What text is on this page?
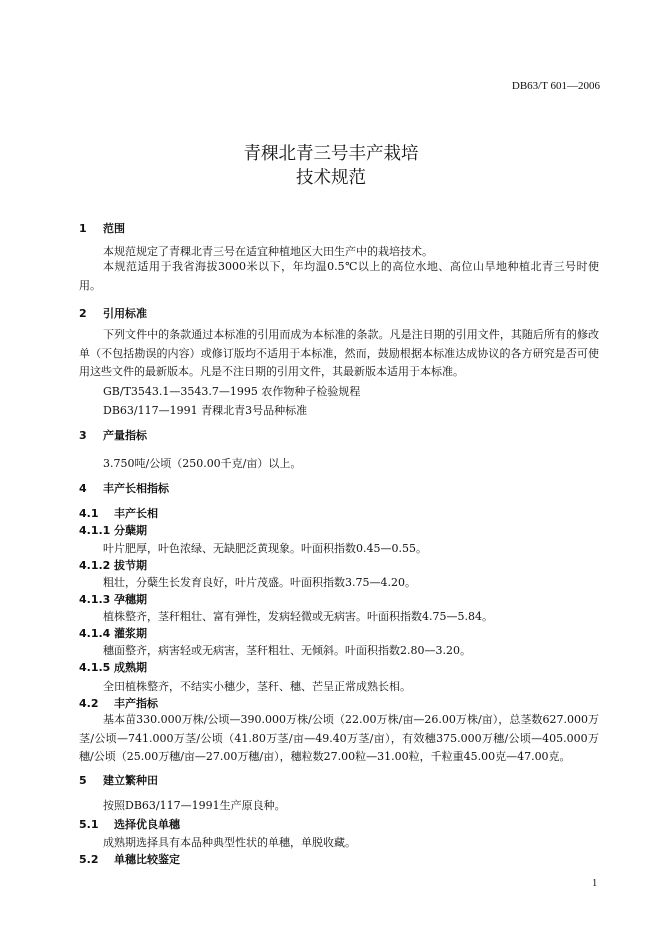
DB63/T 601—2006
青稞北青三号丰产栽培
技术规范
1 范围
本规范规定了青稞北青三号在适宜种植地区大田生产中的栽培技术。
本规范适用于我省海拔3000米以下，年均温0.5℃以上的高位水地、高位山旱地种植北青三号时使用。
2 引用标准
下列文件中的条款通过本标准的引用而成为本标准的条款。凡是注日期的引用文件，其随后所有的修改单（不包括勘误的内容）或修订版均不适用于本标准，然而，鼓励根据本标准达成协议的各方研究是否可使用这些文件的最新版本。凡是不注日期的引用文件，其最新版本适用于本标准。
GB/T3543.1—3543.7—1995 农作物种子检验规程
DB63/117—1991 青稞北青3号品种标准
3 产量指标
3.750吨/公顷（250.00千克/亩）以上。
4 丰产长相指标
4.1 丰产长相
4.1.1 分蘖期
叶片肥厚，叶色浓绿、无缺肥泛黄现象。叶面积指数0.45—0.55。
4.1.2 拔节期
粗壮，分蘖生长发育良好，叶片茂盛。叶面积指数3.75—4.20。
4.1.3 孕穗期
植株整齐，茎秆粗壮、富有弹性，发病轻微或无病害。叶面积指数4.75—5.84。
4.1.4 灌浆期
穗面整齐，病害轻或无病害，茎秆粗壮、无倾斜。叶面积指数2.80—3.20。
4.1.5 成熟期
全田植株整齐，不结实小穗少，茎秆、穗、芒呈正常成熟长相。
4.2 丰产指标
基本苗330.000万株/公顷—390.000万株/公顷（22.00万株/亩—26.00万株/亩），总茎数627.000万茎/公顷—741.000万茎/公顷（41.80万茎/亩—49.40万茎/亩），有效穗375.000万穗/公顷—405.000万穗/公顷（25.00万穗/亩—27.00万穗/亩），穗粒数27.00粒—31.00粒，千粒重45.00克—47.00克。
5 建立繁种田
按照DB63/117—1991生产原良种。
5.1 选择优良单穗
成熟期选择具有本品种典型性状的单穗，单脱收藏。
5.2 单穗比较鉴定
1
